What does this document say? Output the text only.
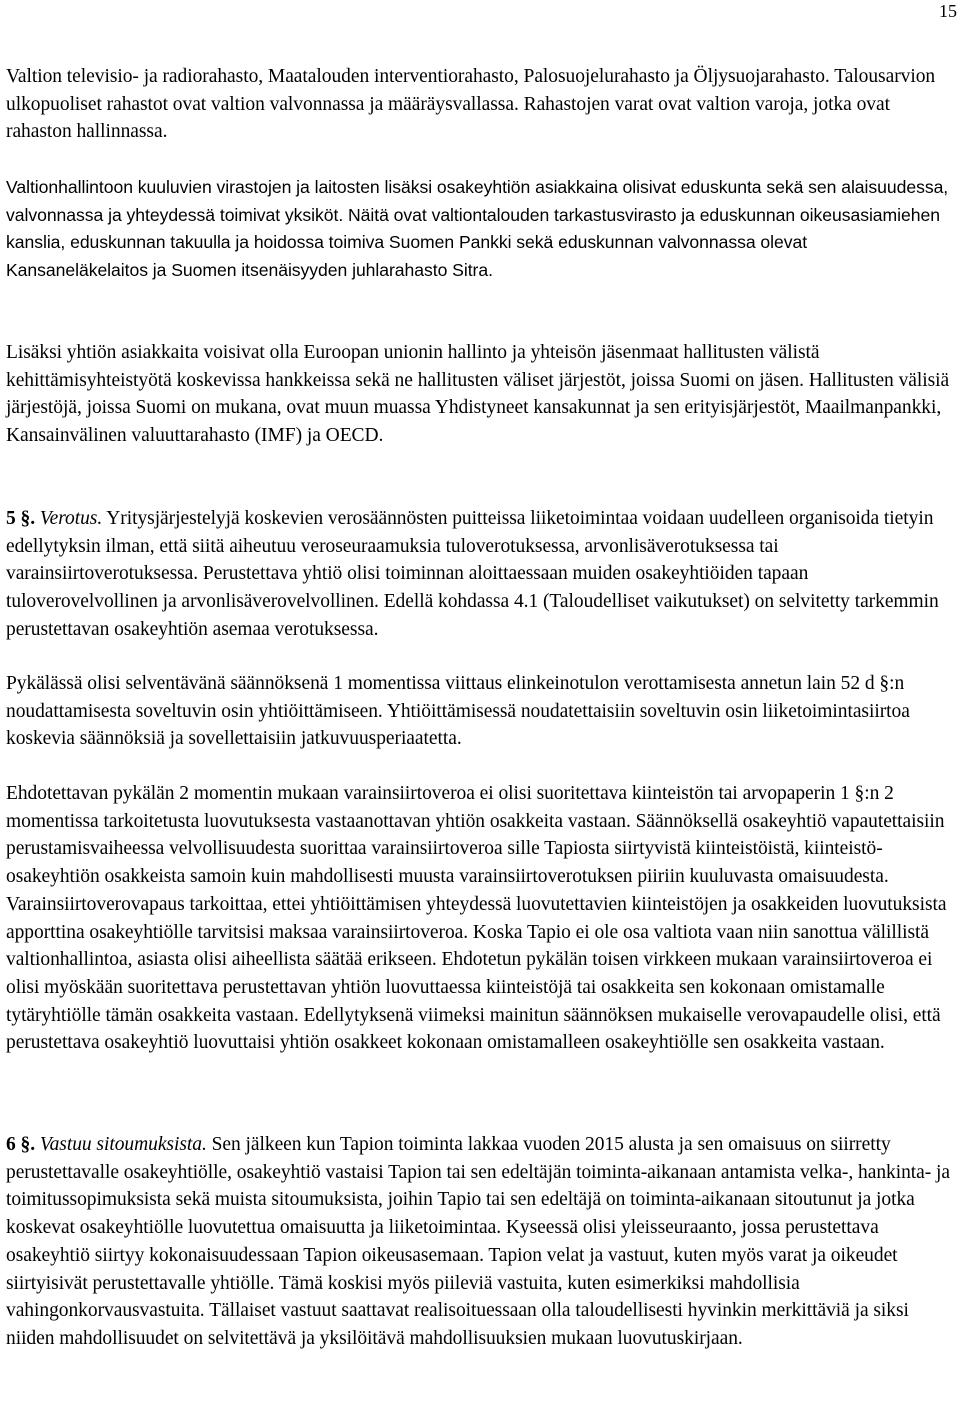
15

Valtion televisio- ja radiorahasto, Maatalouden interventiorahasto, Palosuojelurahasto ja Öljysuojarahasto. Talousarvion ulkopuoliset rahastot ovat valtion valvonnassa ja määräysvallassa. Rahastojen varat ovat valtion varoja, jotka ovat rahaston hallinnassa.

Valtionhallintoon kuuluvien virastojen ja laitosten lisäksi osakeyhtiön asiakkaina olisivat eduskunta sekä sen alaisuudessa, valvonnassa ja yhteydessä toimivat yksiköt. Näitä ovat valtiontalouden tarkastusvirasto ja eduskunnan oikeusasiamiehen kanslia, eduskunnan takuulla ja hoidossa toimiva Suomen Pankki sekä eduskunnan valvonnassa olevat Kansaneläkelaitos ja Suomen itsenäisyyden juhlarahasto Sitra.

Lisäksi yhtiön asiakkaita voisivat olla Euroopan unionin hallinto ja yhteisön jäsenmaat hallitusten välistä kehittämisyhteistyötä koskevissa hankkeissa sekä ne hallitusten väliset järjestöt, joissa Suomi on jäsen. Hallitusten välisiä järjestöjä, joissa Suomi on mukana, ovat muun muassa Yhdistyneet kansakunnat ja sen erityisjärjestöt, Maailmanpankki, Kansainvälinen valuuttarahasto (IMF) ja OECD.

5 §. Verotus. Yritysjärjestelyjä koskevien verosäännösten puitteissa liiketoimintaa voidaan uudelleen organisoida tietyin edellytyksin ilman, että siitä aiheutuu veroseuraamuksia tuloverotuksessa, arvonlisäverotuksessa tai varainsiirtoverotuksessa. Perustettava yhtiö olisi toiminnan aloittaessaan muiden osakeyhtiöiden tapaan tuloverovelvollinen ja arvonlisäverovelvollinen. Edellä kohdassa 4.1 (Taloudelliset vaikutukset) on selvitetty tarkemmin perustettavan osakeyhtiön asemaa verotuksessa.

Pykälässä olisi selventävänä säännöksenä 1 momentissa viittaus elinkeinotulon verottamisesta annetun lain 52 d §:n noudattamisesta soveltuvin osin yhtiöittämiseen. Yhtiöittämisessä noudatettaisiin soveltuvin osin liiketoimintasiirtoa koskevia säännöksiä ja sovellettaisiin jatkuvuusperiaatetta.

Ehdotettavan pykälän 2 momentin mukaan varainsiirtoveroa ei olisi suoritettava kiinteistön tai arvopaperin 1 §:n 2 momentissa tarkoitetusta luovutuksesta vastaanottavan yhtiön osakkeita vastaan. Säännöksellä osakeyhtiö vapautettaisiin perustamisvaiheessa velvollisuudesta suorittaa varainsiirtoveroa sille Tapiosta siirtyvistä kiinteistöistä, kiinteistö-osakeyhtiön osakkeista samoin kuin mahdollisesti muusta varainsiirtoverotuksen piiriin kuuluvasta omaisuudesta. Varainsiirtoverovapaus tarkoittaa, ettei yhtiöittämisen yhteydessä luovutettavien kiinteistöjen ja osakkeiden luovutuksista apporttina osakeyhtiölle tarvitsisi maksaa varainsiirtoveroa. Koska Tapio ei ole osa valtiota vaan niin sanottua välillistä valtionhallintoa, asiasta olisi aiheellista säätää erikseen. Ehdotetun pykälän toisen virkkeen mukaan varainsiirtoveroa ei olisi myöskään suoritettava perustettavan yhtiön luovuttaessa kiinteistöjä tai osakkeita sen kokonaan omistamalle tytäryhtiölle tämän osakkeita vastaan. Edellytyksenä viimeksi mainitun säännöksen mukaiselle verovapaudelle olisi, että perustettava osakeyhtiö luovuttaisi yhtiön osakkeet kokonaan omistamalleen osakeyhtiölle sen osakkeita vastaan.

6 §. Vastuu sitoumuksista. Sen jälkeen kun Tapion toiminta lakkaa vuoden 2015 alusta ja sen omaisuus on siirretty perustettavalle osakeyhtiölle, osakeyhtiö vastaisi Tapion tai sen edeltäjän toiminta-aikanaan antamista velka-, hankinta- ja toimitussopimuksista sekä muista sitoumuksista, joihin Tapio tai sen edeltäjä on toiminta-aikanaan sitoutunut ja jotka koskevat osakeyhtiölle luovutettua omaisuutta ja liiketoimintaa. Kyseessä olisi yleisseuraanto, jossa perustettava osakeyhtiö siirtyy kokonaisuudessaan Tapion oikeusasemaan. Tapion velat ja vastuut, kuten myös varat ja oikeudet siirtyisivät perustettavalle yhtiölle. Tämä koskisi myös piileviä vastuita, kuten esimerkiksi mahdollisia vahingonkorvausvastuita. Tällaiset vastuut saattavat realisoituessaan olla taloudellisesti hyvinkin merkittäviä ja siksi niiden mahdollisuudet on selvitettävä ja yksilöitävä mahdollisuuksien mukaan luovutuskirjaan.
